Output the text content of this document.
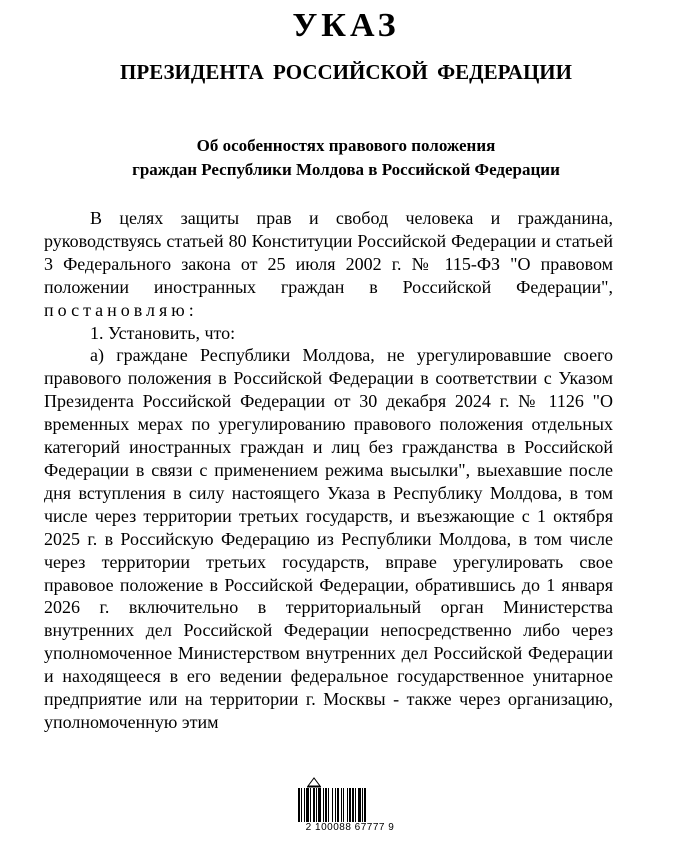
УКАЗ
ПРЕЗИДЕНТА РОССИЙСКОЙ ФЕДЕРАЦИИ
Об особенностях правового положения
граждан Республики Молдова в Российской Федерации

В целях защиты прав и свобод человека и гражданина, руководствуясь статьей 80 Конституции Российской Федерации и статьей 3 Федерального закона от 25 июля 2002 г. № 115-ФЗ "О правовом положении иностранных граждан в Российской Федерации", постановляю:

1. Установить, что:

а) граждане Республики Молдова, не урегулировавшие своего правового положения в Российской Федерации в соответствии с Указом Президента Российской Федерации от 30 декабря 2024 г. № 1126 "О временных мерах по урегулированию правового положения отдельных категорий иностранных граждан и лиц без гражданства в Российской Федерации в связи с применением режима высылки", выехавшие после дня вступления в силу настоящего Указа в Республику Молдова, в том числе через территории третьих государств, и въезжающие с 1 октября 2025 г. в Российскую Федерацию из Республики Молдова, в том числе через территории третьих государств, вправе урегулировать свое правовое положение в Российской Федерации, обратившись до 1 января 2026 г. включительно в территориальный орган Министерства внутренних дел Российской Федерации непосредственно либо через уполномоченное Министерством внутренних дел Российской Федерации и находящееся в его ведении федеральное государственное унитарное предприятие или на территории г. Москвы - также через организацию, уполномоченную этим

2 100088 67777 9
